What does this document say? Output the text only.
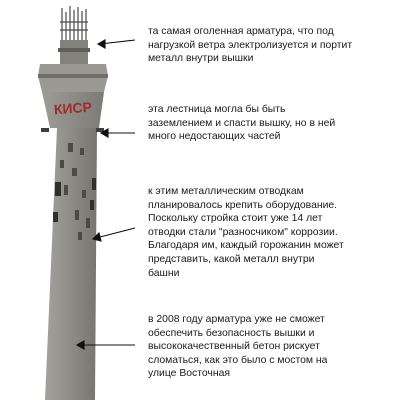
КИСР

та самая оголенная арматура, что под
нагрузкой ветра электролизуется и портит
металл внутри вышки

эта лестница могла бы быть
заземлением и спасти вышку, но в ней
много недостающих частей

к этим металлическим отводкам
планировалось крепить оборудование.
Поскольку стройка стоит уже 14 лет
отводки стали "разносчиком" коррозии.
Благодаря им, каждый горожанин может
представить, какой металл внутри
башни

в 2008 году арматура уже не сможет
обеспечить безопасность вышки и
высококачественный бетон рискует
сломаться, как это было с мостом на
улице Восточная
